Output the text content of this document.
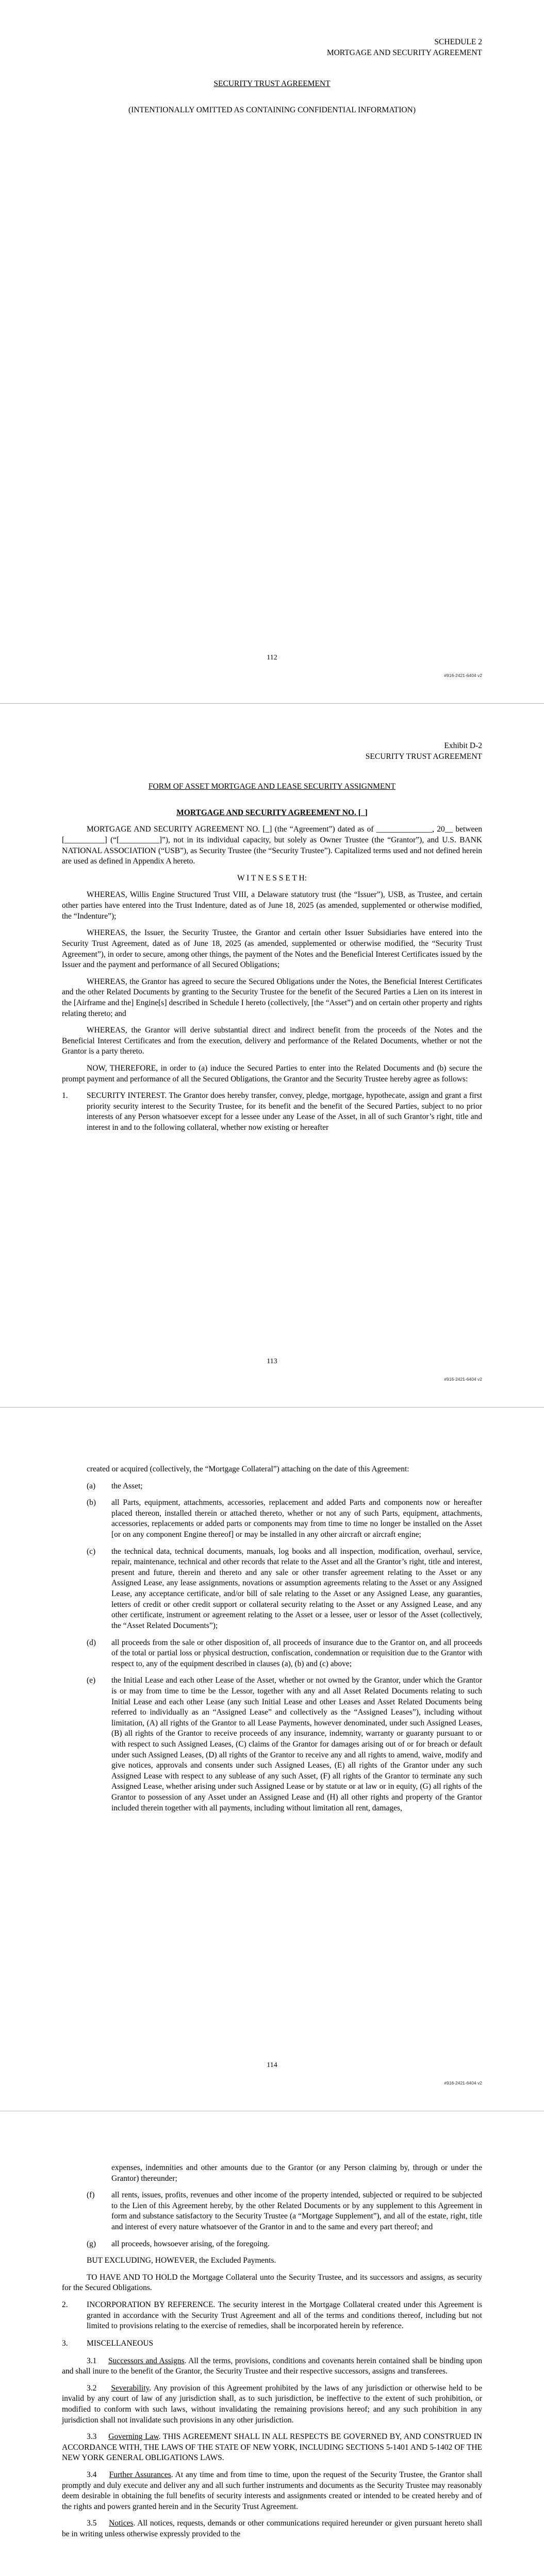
SCHEDULE 2

MORTGAGE AND SECURITY AGREEMENT

SECURITY TRUST AGREEMENT

(INTENTIONALLY OMITTED AS CONTAINING CONFIDENTIAL INFORMATION)

112
#916-2421-6404 v2

Exhibit D-2

SECURITY TRUST AGREEMENT

FORM OF ASSET MORTGAGE AND LEASE SECURITY ASSIGNMENT

MORTGAGE AND SECURITY AGREEMENT NO. [_]

MORTGAGE AND SECURITY AGREEMENT NO. [_] (the “Agreement”) dated as of ______________, 20__ between [__________] (“[__________]”), not in its individual capacity, but solely as Owner Trustee (the “Grantor”), and U.S. BANK NATIONAL ASSOCIATION (“USB”), as Security Trustee (the “Security Trustee”). Capitalized terms used and not defined herein are used as defined in Appendix A hereto.

W I T N E S S E T H:

WHEREAS, Willis Engine Structured Trust VIII, a Delaware statutory trust (the “Issuer”), USB, as Trustee, and certain other parties have entered into the Trust Indenture, dated as of June 18, 2025 (as amended, supplemented or otherwise modified, the “Indenture”);

WHEREAS, the Issuer, the Security Trustee, the Grantor and certain other Issuer Subsidiaries have entered into the Security Trust Agreement, dated as of June 18, 2025 (as amended, supplemented or otherwise modified, the “Security Trust Agreement”), in order to secure, among other things, the payment of the Notes and the Beneficial Interest Certificates issued by the Issuer and the payment and performance of all Secured Obligations;

WHEREAS, the Grantor has agreed to secure the Secured Obligations under the Notes, the Beneficial Interest Certificates and the other Related Documents by granting to the Security Trustee for the benefit of the Secured Parties a Lien on its interest in the [Airframe and the] Engine[s] described in Schedule I hereto (collectively, [the “Asset”) and on certain other property and rights relating thereto; and

WHEREAS, the Grantor will derive substantial direct and indirect benefit from the proceeds of the Notes and the Beneficial Interest Certificates and from the execution, delivery and performance of the Related Documents, whether or not the Grantor is a party thereto.

NOW, THEREFORE, in order to (a) induce the Secured Parties to enter into the Related Documents and (b) secure the prompt payment and performance of all the Secured Obligations, the Grantor and the Security Trustee hereby agree as follows:

1.	SECURITY INTEREST. The Grantor does hereby transfer, convey, pledge, mortgage, hypothecate, assign and grant a first priority security interest to the Security Trustee, for its benefit and the benefit of the Secured Parties, subject to no prior interests of any Person whatsoever except for a lessee under any Lease of the Asset, in all of such Grantor’s right, title and interest in and to the following collateral, whether now existing or hereafter
113
#916-2421-6404 v2

created or acquired (collectively, the “Mortgage Collateral”) attaching on the date of this Agreement:

(a)	the Asset;
(b)	all Parts, equipment, attachments, accessories, replacement and added Parts and components now or hereafter placed thereon, installed therein or attached thereto, whether or not any of such Parts, equipment, attachments, accessories, replacements or added parts or components may from time to time no longer be installed on the Asset [or on any component Engine thereof] or may be installed in any other aircraft or aircraft engine;
(c)	the technical data, technical documents, manuals, log books and all inspection, modification, overhaul, service, repair, maintenance, technical and other records that relate to the Asset and all the Grantor’s right, title and interest, present and future, therein and thereto and any sale or other transfer agreement relating to the Asset or any Assigned Lease, any lease assignments, novations or assumption agreements relating to the Asset or any Assigned Lease, any acceptance certificate, and/or bill of sale relating to the Asset or any Assigned Lease, any guaranties, letters of credit or other credit support or collateral security relating to the Asset or any Assigned Lease, and any other certificate, instrument or agreement relating to the Asset or a lessee, user or lessor of the Asset (collectively, the “Asset Related Documents”);
(d)	all proceeds from the sale or other disposition of, all proceeds of insurance due to the Grantor on, and all proceeds of the total or partial loss or physical destruction, confiscation, condemnation or requisition due to the Grantor with respect to, any of the equipment described in clauses (a), (b) and (c) above;
(e)	the Initial Lease and each other Lease of the Asset, whether or not owned by the Grantor, under which the Grantor is or may from time to time be the Lessor, together with any and all Asset Related Documents relating to such Initial Lease and each other Lease (any such Initial Lease and other Leases and Asset Related Documents being referred to individually as an “Assigned Lease” and collectively as the “Assigned Leases”), including without limitation, (A) all rights of the Grantor to all Lease Payments, however denominated, under such Assigned Leases, (B) all rights of the Grantor to receive proceeds of any insurance, indemnity, warranty or guaranty pursuant to or with respect to such Assigned Leases, (C) claims of the Grantor for damages arising out of or for breach or default under such Assigned Leases, (D) all rights of the Grantor to receive any and all rights to amend, waive, modify and give notices, approvals and consents under such Assigned Leases, (E) all rights of the Grantor under any such Assigned Lease with respect to any sublease of any such Asset, (F) all rights of the Grantor to terminate any such Assigned Lease, whether arising under such Assigned Lease or by statute or at law or in equity, (G) all rights of the Grantor to possession of any Asset under an Assigned Lease and (H) all other rights and property of the Grantor included therein together with all payments, including without limitation all rent, damages,
114
#916-2421-6404 v2

expenses, indemnities and other amounts due to the Grantor (or any Person claiming by, through or under the Grantor) thereunder;

(f)	all rents, issues, profits, revenues and other income of the property intended, subjected or required to be subjected to the Lien of this Agreement hereby, by the other Related Documents or by any supplement to this Agreement in form and substance satisfactory to the Security Trustee (a “Mortgage Supplement”), and all of the estate, right, title and interest of every nature whatsoever of the Grantor in and to the same and every part thereof; and
(g)	all proceeds, howsoever arising, of the foregoing.

BUT EXCLUDING, HOWEVER, the Excluded Payments.

TO HAVE AND TO HOLD the Mortgage Collateral unto the Security Trustee, and its successors and assigns, as security for the Secured Obligations.

2.	INCORPORATION BY REFERENCE. The security interest in the Mortgage Collateral created under this Agreement is granted in accordance with the Security Trust Agreement and all of the terms and conditions thereof, including but not limited to provisions relating to the exercise of remedies, shall be incorporated herein by reference.
3.	MISCELLANEOUS

3.1 Successors and Assigns. All the terms, provisions, conditions and covenants herein contained shall be binding upon and shall inure to the benefit of the Grantor, the Security Trustee and their respective successors, assigns and transferees.

3.2 Severability. Any provision of this Agreement prohibited by the laws of any jurisdiction or otherwise held to be invalid by any court of law of any jurisdiction shall, as to such jurisdiction, be ineffective to the extent of such prohibition, or modified to conform with such laws, without invalidating the remaining provisions hereof; and any such prohibition in any jurisdiction shall not invalidate such provisions in any other jurisdiction.

3.3 Governing Law. THIS AGREEMENT SHALL IN ALL RESPECTS BE GOVERNED BY, AND CONSTRUED IN ACCORDANCE WITH, THE LAWS OF THE STATE OF NEW YORK, INCLUDING SECTIONS 5-1401 AND 5-1402 OF THE NEW YORK GENERAL OBLIGATIONS LAWS.

3.4 Further Assurances. At any time and from time to time, upon the request of the Security Trustee, the Grantor shall promptly and duly execute and deliver any and all such further instruments and documents as the Security Trustee may reasonably deem desirable in obtaining the full benefits of security interests and assignments created or intended to be created hereby and of the rights and powers granted herein and in the Security Trust Agreement.

3.5 Notices. All notices, requests, demands or other communications required hereunder or given pursuant hereto shall be in writing unless otherwise expressly provided to the
